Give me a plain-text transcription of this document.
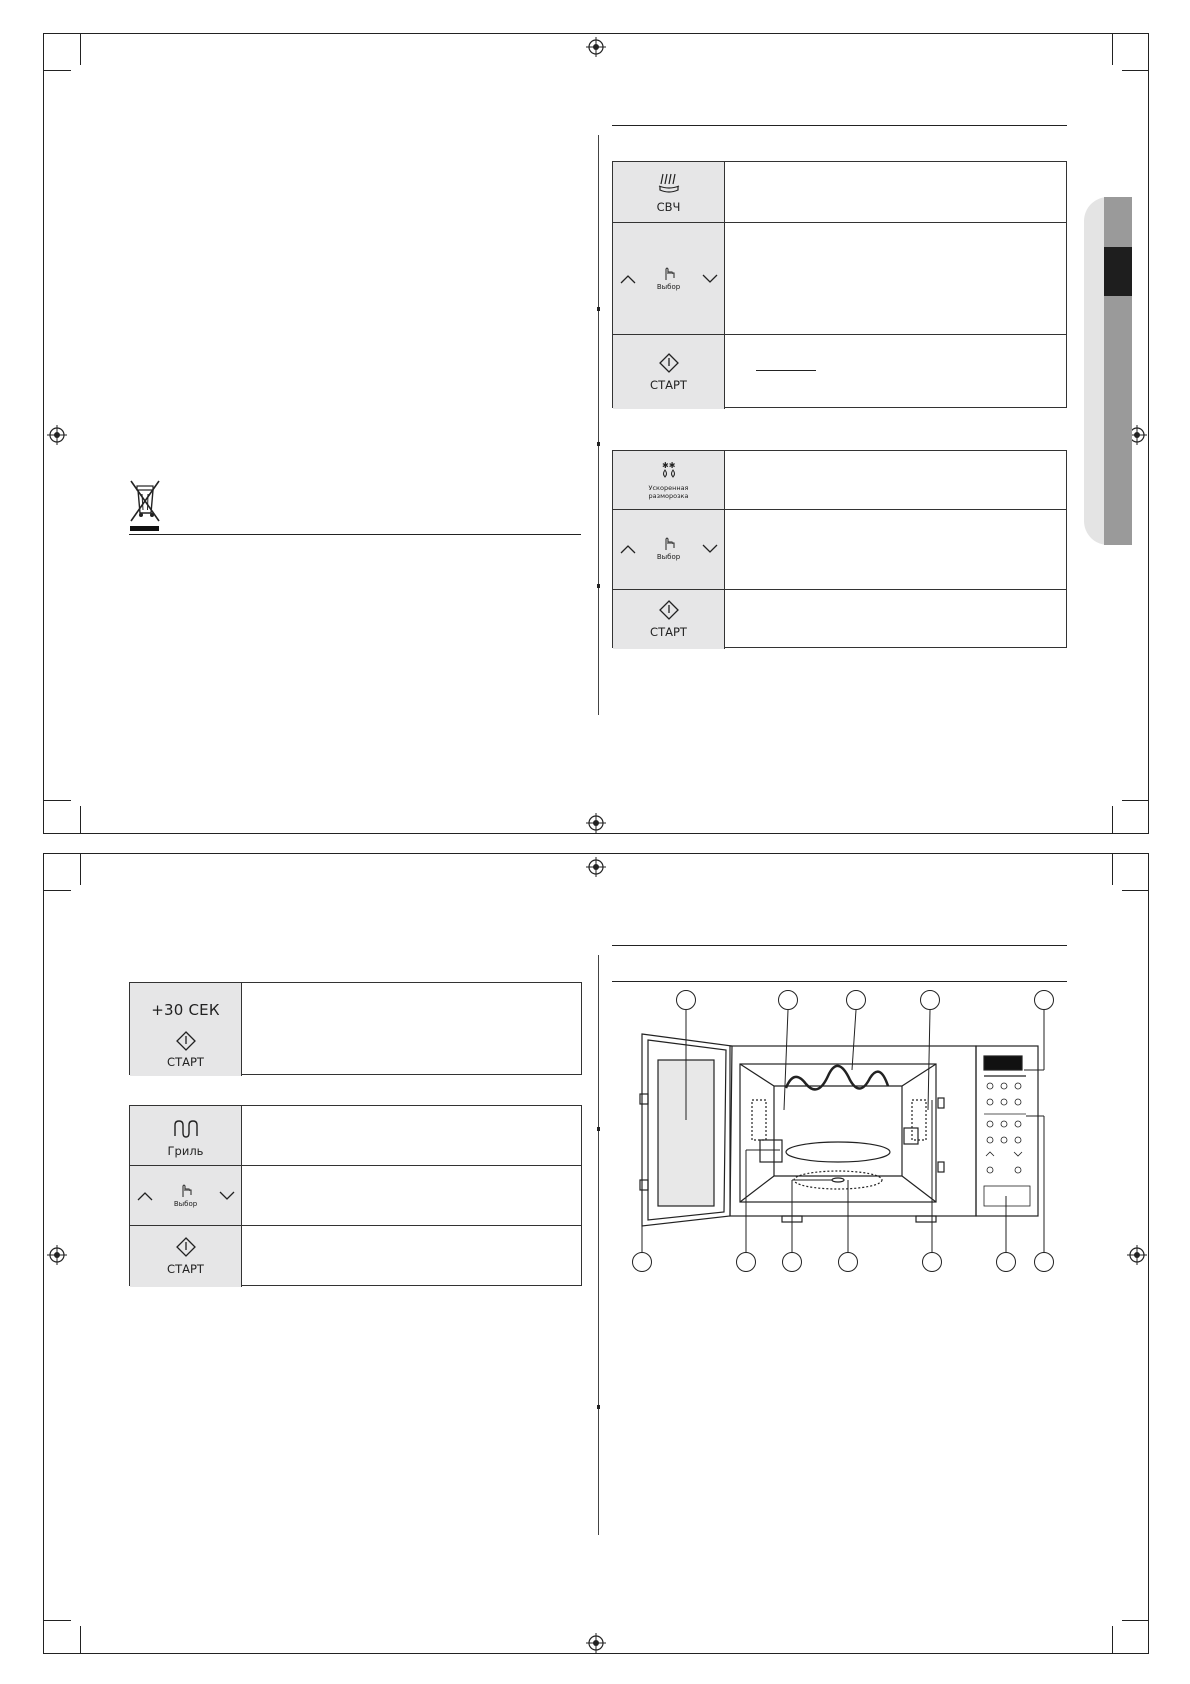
СВЧ
Выбор
СТАРТ
✱✱
Ускоренная
разморозка
Выбор
СТАРТ
+30 СЕК
СТАРТ
Гриль
Выбор
СТАРТ
